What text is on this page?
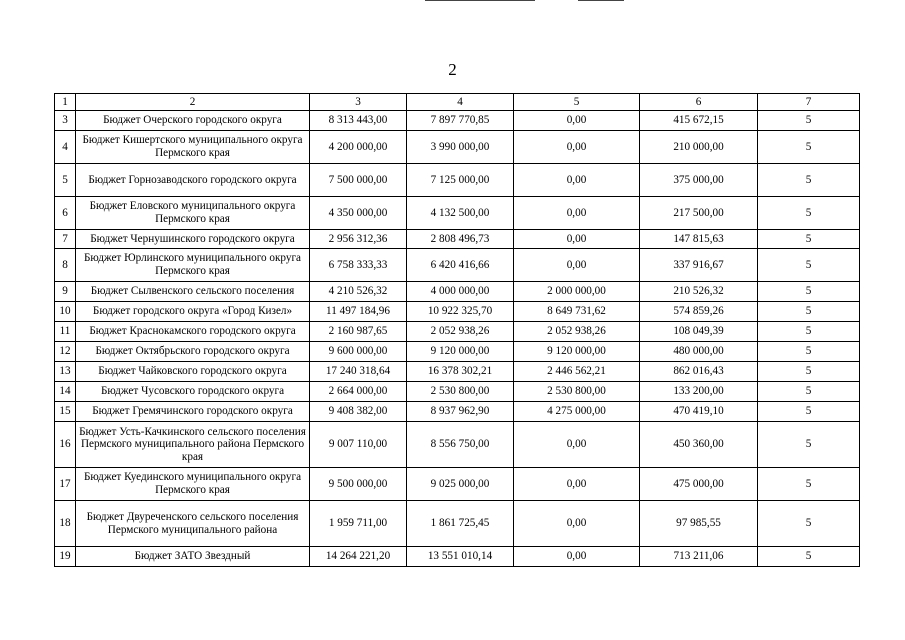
2
1	2	3	4	5	6	7
3	Бюджет Очерского городского округа	8 313 443,00	7 897 770,85	0,00	415 672,15	5
4	Бюджет Кишертского муниципального округа Пермского края	4 200 000,00	3 990 000,00	0,00	210 000,00	5
5	Бюджет Горнозаводского городского округа	7 500 000,00	7 125 000,00	0,00	375 000,00	5
6	Бюджет Еловского муниципального округа Пермского края	4 350 000,00	4 132 500,00	0,00	217 500,00	5
7	Бюджет Чернушинского городского округа	2 956 312,36	2 808 496,73	0,00	147 815,63	5
8	Бюджет Юрлинского муниципального округа Пермского края	6 758 333,33	6 420 416,66	0,00	337 916,67	5
9	Бюджет Сылвенского сельского поселения	4 210 526,32	4 000 000,00	2 000 000,00	210 526,32	5
10	Бюджет городского округа «Город Кизел»	11 497 184,96	10 922 325,70	8 649 731,62	574 859,26	5
11	Бюджет Краснокамского городского округа	2 160 987,65	2 052 938,26	2 052 938,26	108 049,39	5
12	Бюджет Октябрьского городского округа	9 600 000,00	9 120 000,00	9 120 000,00	480 000,00	5
13	Бюджет Чайковского городского округа	17 240 318,64	16 378 302,21	2 446 562,21	862 016,43	5
14	Бюджет Чусовского городского округа	2 664 000,00	2 530 800,00	2 530 800,00	133 200,00	5
15	Бюджет Гремячинского городского округа	9 408 382,00	8 937 962,90	4 275 000,00	470 419,10	5
16	Бюджет Усть-Качкинского сельского поселения Пермского муниципального района Пермского края	9 007 110,00	8 556 750,00	0,00	450 360,00	5
17	Бюджет Куединского муниципального округа Пермского края	9 500 000,00	9 025 000,00	0,00	475 000,00	5
18	Бюджет Двуреченского сельского поселения Пермского муниципального района	1 959 711,00	1 861 725,45	0,00	97 985,55	5
19	Бюджет ЗАТО Звездный	14 264 221,20	13 551 010,14	0,00	713 211,06	5
